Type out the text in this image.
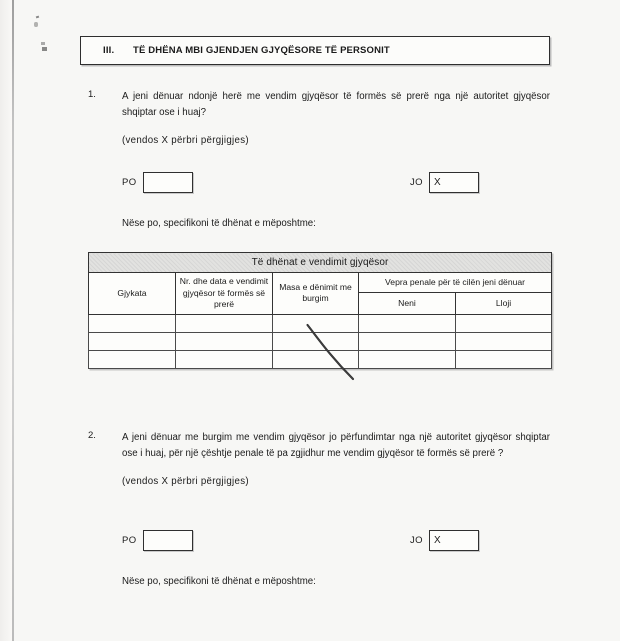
III.	TË DHËNA MBI GJENDJEN GJYQËSORE TË PERSONIT
1.	A jeni dënuar ndonjë herë me vendim gjyqësor të formës së prerë nga një autoritet gjyqësor shqiptar ose i huaj?
(vendos X përbri përgjigjes)
PO	JO	X
Nëse po, specifikoni të dhënat e mëposhtme:
Të dhënat e vendimit gjyqësor				
Gjykata	Nr. dhe data e vendimit gjyqësor të formës së prerë	Masa e dënimit me burgim	Vepra penale për të cilën jeni dënuar	
			Neni	Lloji

2.	A jeni dënuar me burgim me vendim gjyqësor jo përfundimtar nga një autoritet gjyqësor shqiptar ose i huaj, për një çështje penale të pa zgjidhur me vendim gjyqësor të formës së prerë ?
(vendos X përbri përgjigjes)
PO	JO	X
Nëse po, specifikoni të dhënat e mëposhtme:
